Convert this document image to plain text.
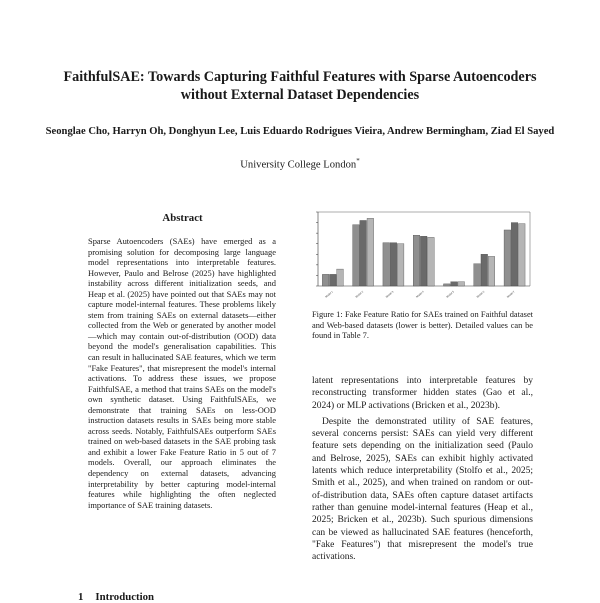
FaithfulSAE: Towards Capturing Faithful Features with Sparse Autoencoders without External Dataset Dependencies
Seonglae Cho, Harryn Oh, Donghyun Lee, Luis Eduardo Rodrigues Vieira, Andrew Bermingham, Ziad El Sayed
University College London*
Abstract
Sparse Autoencoders (SAEs) have emerged as a promising solution for decomposing large language model representations into interpretable features. However, Paulo and Belrose (2025) have highlighted instability across different initialization seeds, and Heap et al. (2025) have pointed out that SAEs may not capture model-internal features. These problems likely stem from training SAEs on external datasets—either collected from the Web or generated by another model—which may contain out-of-distribution (OOD) data beyond the model's generalisation capabilities. This can result in hallucinated SAE features, which we term "Fake Features", that misrepresent the model's internal activations. To address these issues, we propose FaithfulSAE, a method that trains SAEs on the model's own synthetic dataset. Using FaithfulSAEs, we demonstrate that training SAEs on less-OOD instruction datasets results in SAEs being more stable across seeds. Notably, FaithfulSAEs outperform SAEs trained on web-based datasets in the SAE probing task and exhibit a lower Fake Feature Ratio in 5 out of 7 models. Overall, our approach eliminates the dependency on external datasets, advancing interpretability by better capturing model-internal features while highlighting the often neglected importance of SAE training datasets.
1 Introduction
Model 1	Model 2	Model 3	Model 4	Model 5	Model 6	Model 7
Figure 1: Fake Feature Ratio for SAEs trained on Faithful dataset and Web-based datasets (lower is better). Detailed values can be found in Table 7.

latent representations into interpretable features by reconstructing transformer hidden states (Gao et al., 2024) or MLP activations (Bricken et al., 2023b).

Despite the demonstrated utility of SAE features, several concerns persist: SAEs can yield very different feature sets depending on the initialization seed (Paulo and Belrose, 2025), SAEs can exhibit highly activated latents which reduce interpretability (Stolfo et al., 2025; Smith et al., 2025), and when trained on random or out-of-distribution data, SAEs often capture dataset artifacts rather than genuine model-internal features (Heap et al., 2025; Bricken et al., 2023b). Such spurious dimensions can be viewed as hallucinated SAE features (henceforth, "Fake Features") that misrepresent the model's true activations.
